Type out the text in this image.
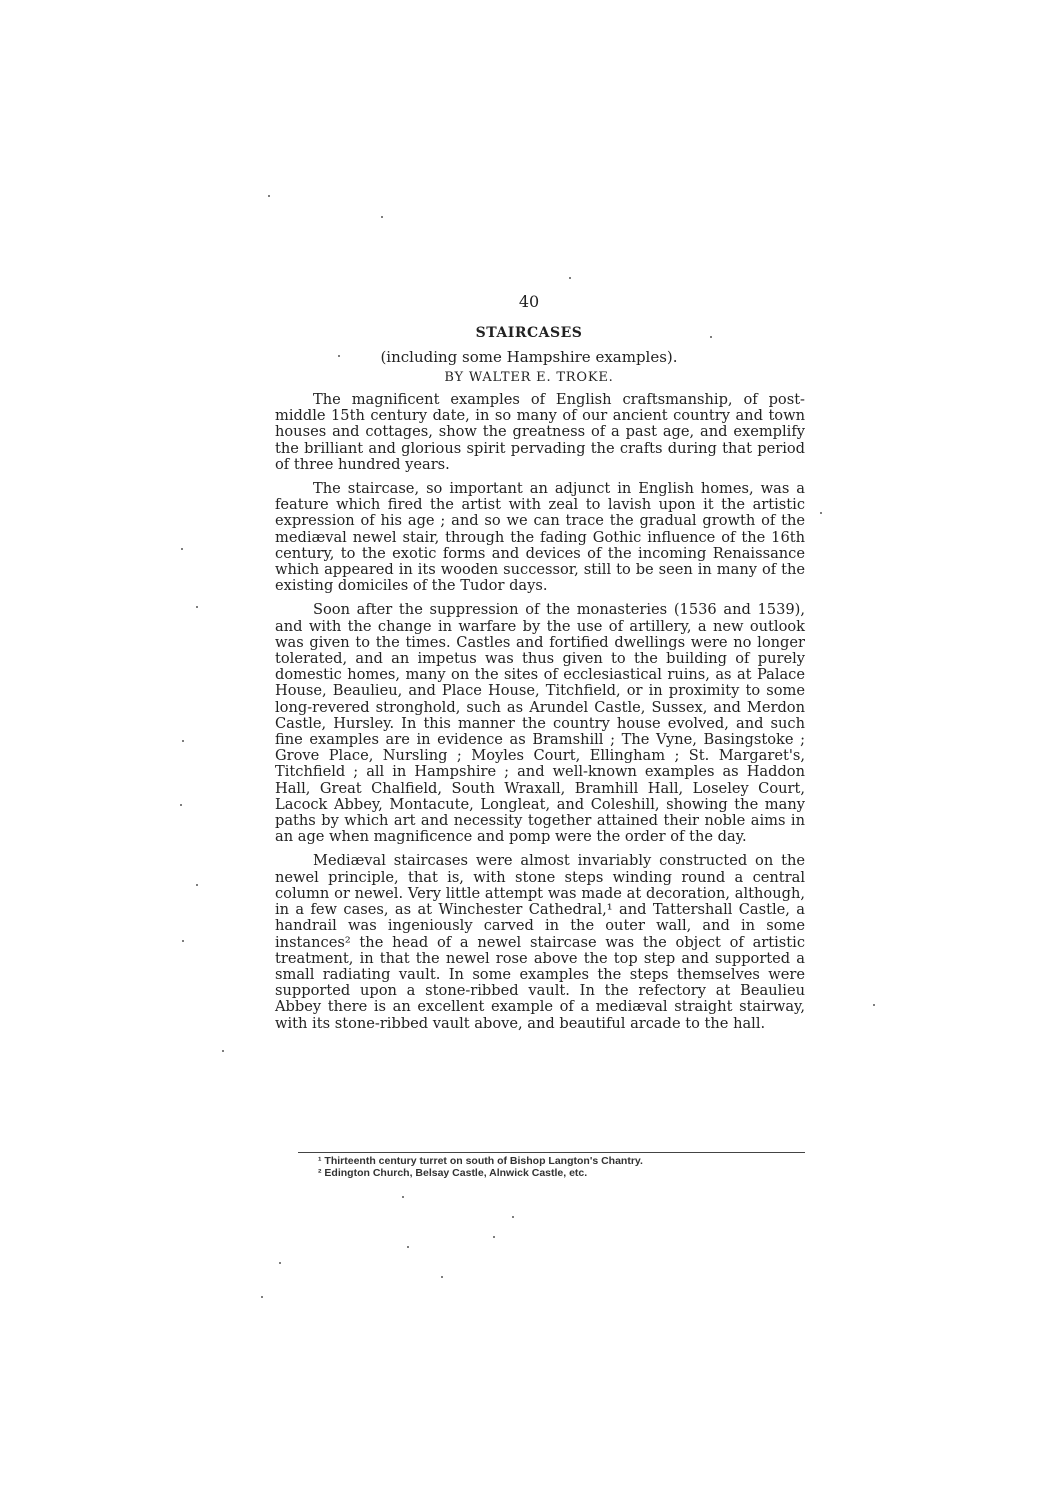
40
STAIRCASES
(including some Hampshire examples).
BY WALTER E. TROKE.

The magnificent examples of English craftsmanship, of post-middle 15th century date, in so many of our ancient country and town houses and cottages, show the greatness of a past age, and exemplify the brilliant and glorious spirit pervading the crafts during that period of three hundred years.

The staircase, so important an adjunct in English homes, was a feature which fired the artist with zeal to lavish upon it the artistic expression of his age ; and so we can trace the gradual growth of the mediæval newel stair, through the fading Gothic influence of the 16th century, to the exotic forms and devices of the incoming Renaissance which appeared in its wooden successor, still to be seen in many of the existing domiciles of the Tudor days.

Soon after the suppression of the monasteries (1536 and 1539), and with the change in warfare by the use of artillery, a new outlook was given to the times. Castles and fortified dwellings were no longer tolerated, and an impetus was thus given to the building of purely domestic homes, many on the sites of ecclesiastical ruins, as at Palace House, Beaulieu, and Place House, Titchfield, or in proximity to some long-revered stronghold, such as Arundel Castle, Sussex, and Merdon Castle, Hursley. In this manner the country house evolved, and such fine examples are in evidence as Bramshill ; The Vyne, Basingstoke ; Grove Place, Nursling ; Moyles Court, Ellingham ; St. Margaret's, Titchfield ; all in Hampshire ; and well-known examples as Haddon Hall, Great Chalfield, South Wraxall, Bramhill Hall, Loseley Court, Lacock Abbey, Montacute, Longleat, and Coleshill, showing the many paths by which art and necessity together attained their noble aims in an age when magnificence and pomp were the order of the day.

Mediæval staircases were almost invariably constructed on the newel principle, that is, with stone steps winding round a central column or newel. Very little attempt was made at decoration, although, in a few cases, as at Winchester Cathedral,¹ and Tattershall Castle, a handrail was ingeniously carved in the outer wall, and in some instances² the head of a newel staircase was the object of artistic treatment, in that the newel rose above the top step and supported a small radiating vault. In some examples the steps themselves were supported upon a stone-ribbed vault. In the refectory at Beaulieu Abbey there is an excellent example of a mediæval straight stairway, with its stone-ribbed vault above, and beautiful arcade to the hall.

¹ Thirteenth century turret on south of Bishop Langton's Chantry.
² Edington Church, Belsay Castle, Alnwick Castle, etc.
